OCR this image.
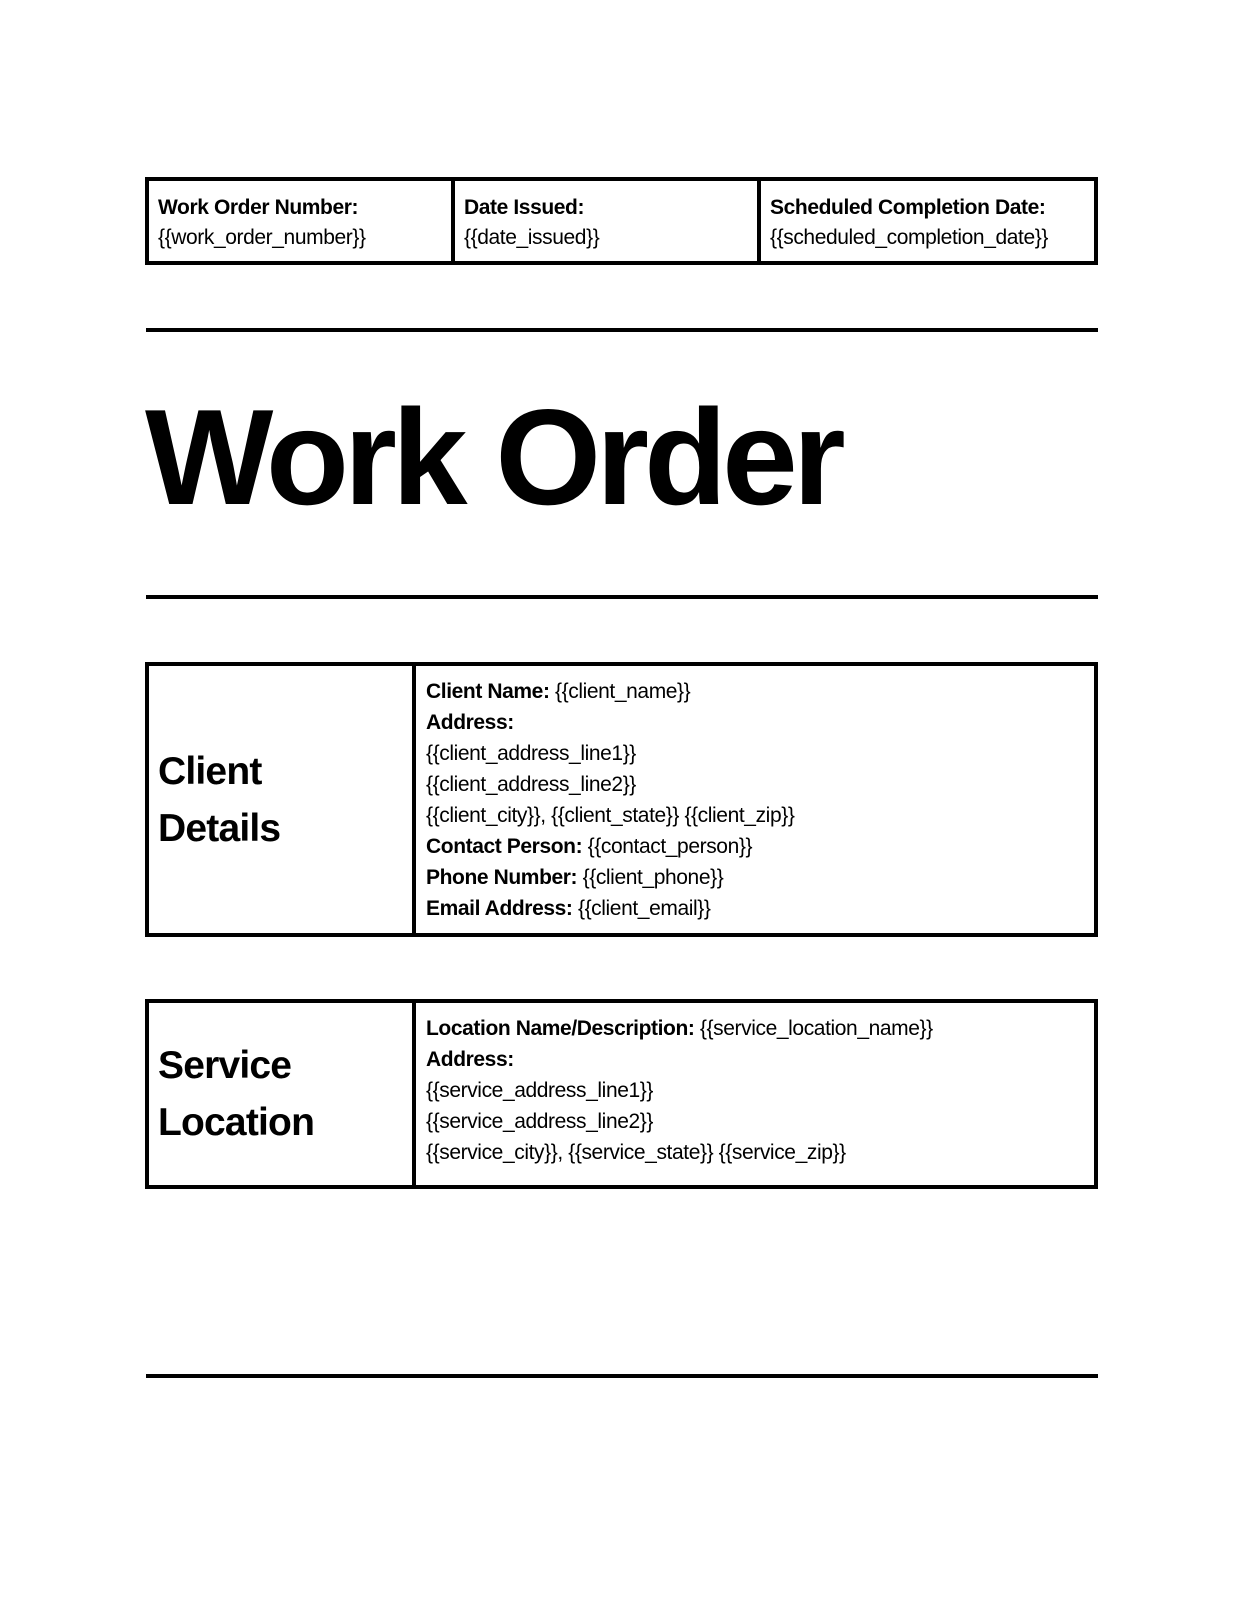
Work Order Number:
{{work_order_number}}
Date Issued:
{{date_issued}}
Scheduled Completion Date:
{{scheduled_completion_date}}
Work Order
Client
Details
Client Name: {{client_name}}
Address:
{{client_address_line1}}
{{client_address_line2}}
{{client_city}}, {{client_state}} {{client_zip}}
Contact Person: {{contact_person}}
Phone Number: {{client_phone}}
Email Address: {{client_email}}
Service
Location
Location Name/Description: {{service_location_name}}
Address:
{{service_address_line1}}
{{service_address_line2}}
{{service_city}}, {{service_state}} {{service_zip}}
